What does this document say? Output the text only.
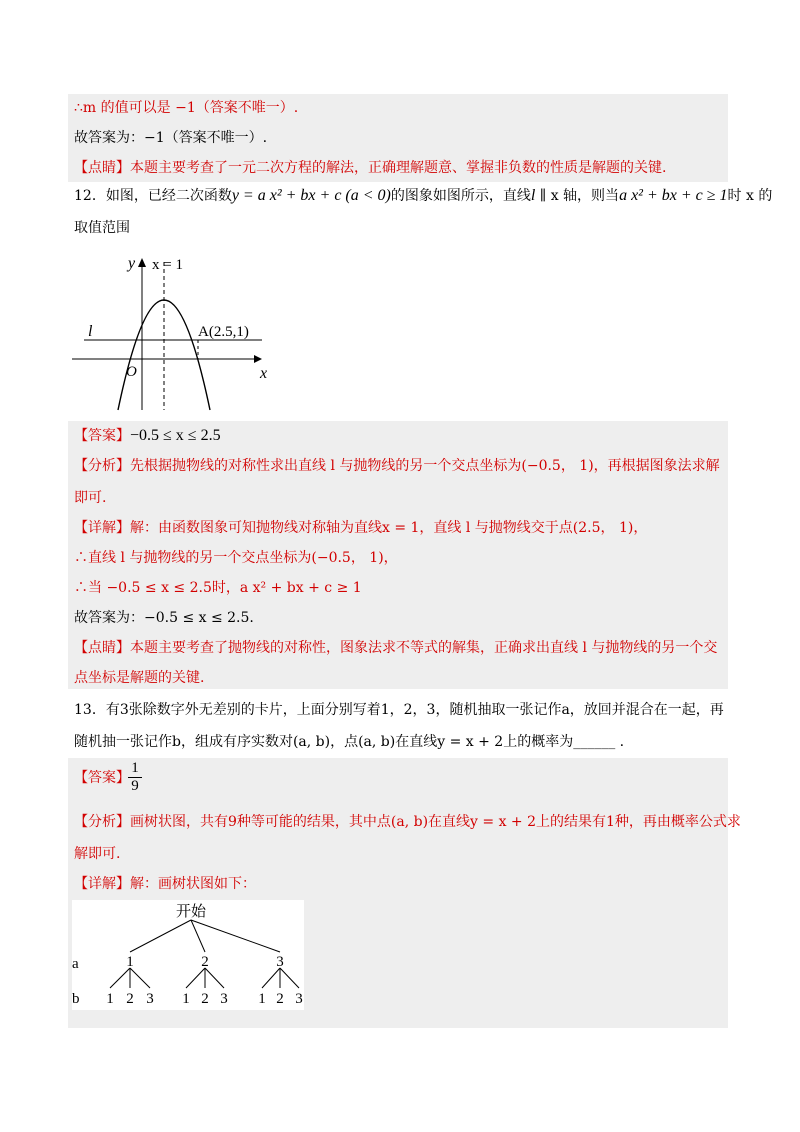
∴m 的值可以是 −1（答案不唯一）.
故答案为：−1（答案不唯一）.
【点睛】本题主要考查了一元二次方程的解法，正确理解题意、掌握非负数的性质是解题的关键.
12．如图，已经二次函数y = a x² + bx + c (a < 0)的图象如图所示，直线l ∥ x 轴，则当a x² + bx + c ≥ 1时 x 的
取值范围
y x = 1
l	A(2.5,1)
O	x
【答案】−0.5 ≤ x ≤ 2.5
【分析】先根据抛物线的对称性求出直线 l 与抛物线的另一个交点坐标为(−0.5， 1)，再根据图象法求解
即可.
【详解】解：由函数图象可知抛物线对称轴为直线x = 1，直线 l 与抛物线交于点(2.5， 1)，
∴直线 l 与抛物线的另一个交点坐标为(−0.5， 1)，
∴当 −0.5 ≤ x ≤ 2.5时，a x² + bx + c ≥ 1
故答案为：−0.5 ≤ x ≤ 2.5.
【点睛】本题主要考查了抛物线的对称性，图象法求不等式的解集，正确求出直线 l 与抛物线的另一个交
点坐标是解题的关键.
13．有3张除数字外无差别的卡片，上面分别写着1，2，3，随机抽取一张记作a，放回并混合在一起，再
随机抽一张记作b，组成有序实数对(a, b)，点(a, b)在直线y = x + 2上的概率为______ .
【答案】
$\frac{1}{9}$
【分析】画树状图，共有9种等可能的结果，其中点(a, b)在直线y = x + 2上的结果有1种，再由概率公式求
解即可.
【详解】解：画树状图如下：
开始
a
b
1	2	3
1 2 3 1 2 3 1 2 3
